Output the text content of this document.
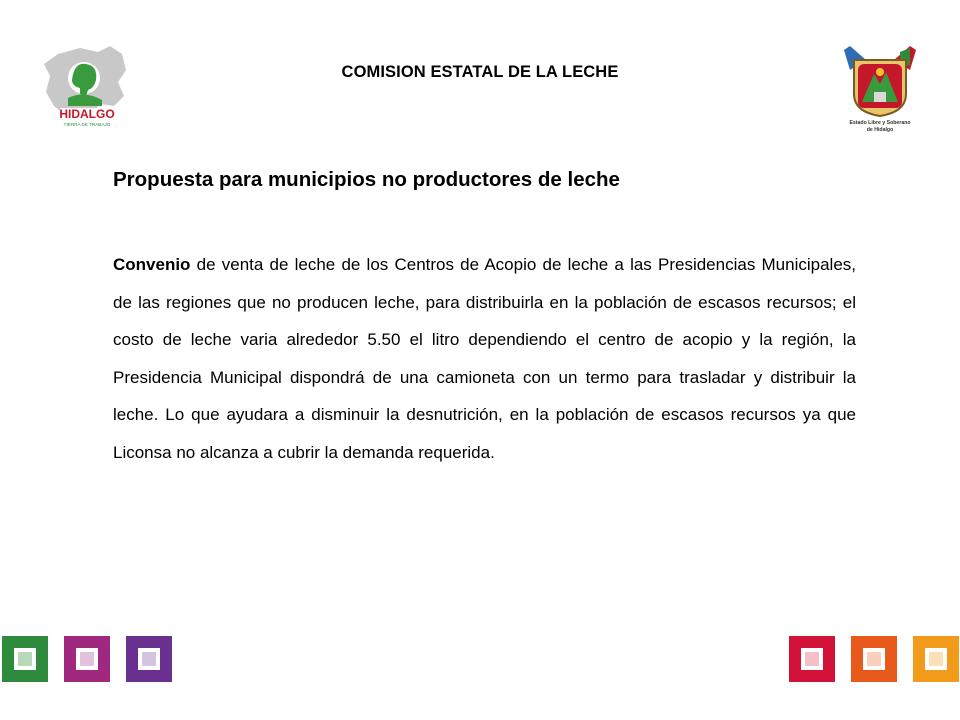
HIDALGO
TIERRA DE TRABAJO
COMISION ESTATAL DE LA LECHE
Estado Libre y Soberano
de Hidalgo
Propuesta para municipios no productores de leche

Convenio de venta de leche de los Centros de Acopio de leche a las Presidencias Municipales, de las regiones que no producen leche, para distribuirla en la población de escasos recursos; el costo de leche varia alrededor 5.50 el litro dependiendo el centro de acopio y la región, la Presidencia Municipal dispondrá de una camioneta con un termo para trasladar y distribuir la leche. Lo que ayudara a disminuir la desnutrición, en la población de escasos recursos ya que Liconsa no alcanza a cubrir la demanda requerida.
